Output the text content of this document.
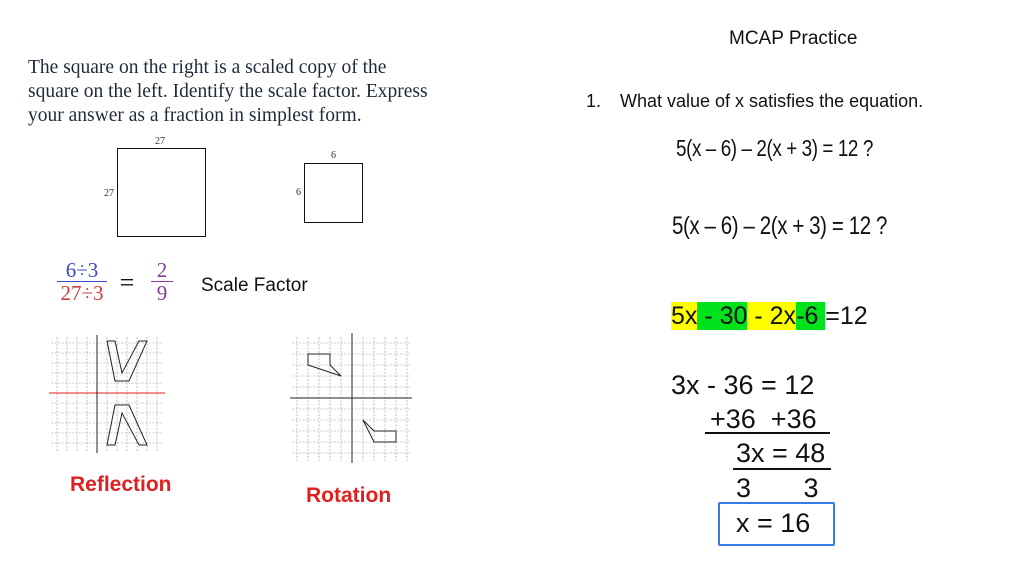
MCAP Practice
The square on the right is a scaled copy of the square on the left. Identify the scale factor. Express your answer as a fraction in simplest form.
27
27
6
6
6÷3
27÷3 = 2
9	Scale Factor
Reflection	Rotation
1. What value of x satisfies the equation.
5(x – 6) – 2(x + 3) = 12 ?
5(x – 6) – 2(x + 3) = 12 ?
5x - 30 - 2x-6 =12
3x - 36 = 12
+36  +36
3x = 48
3       3
x = 16
